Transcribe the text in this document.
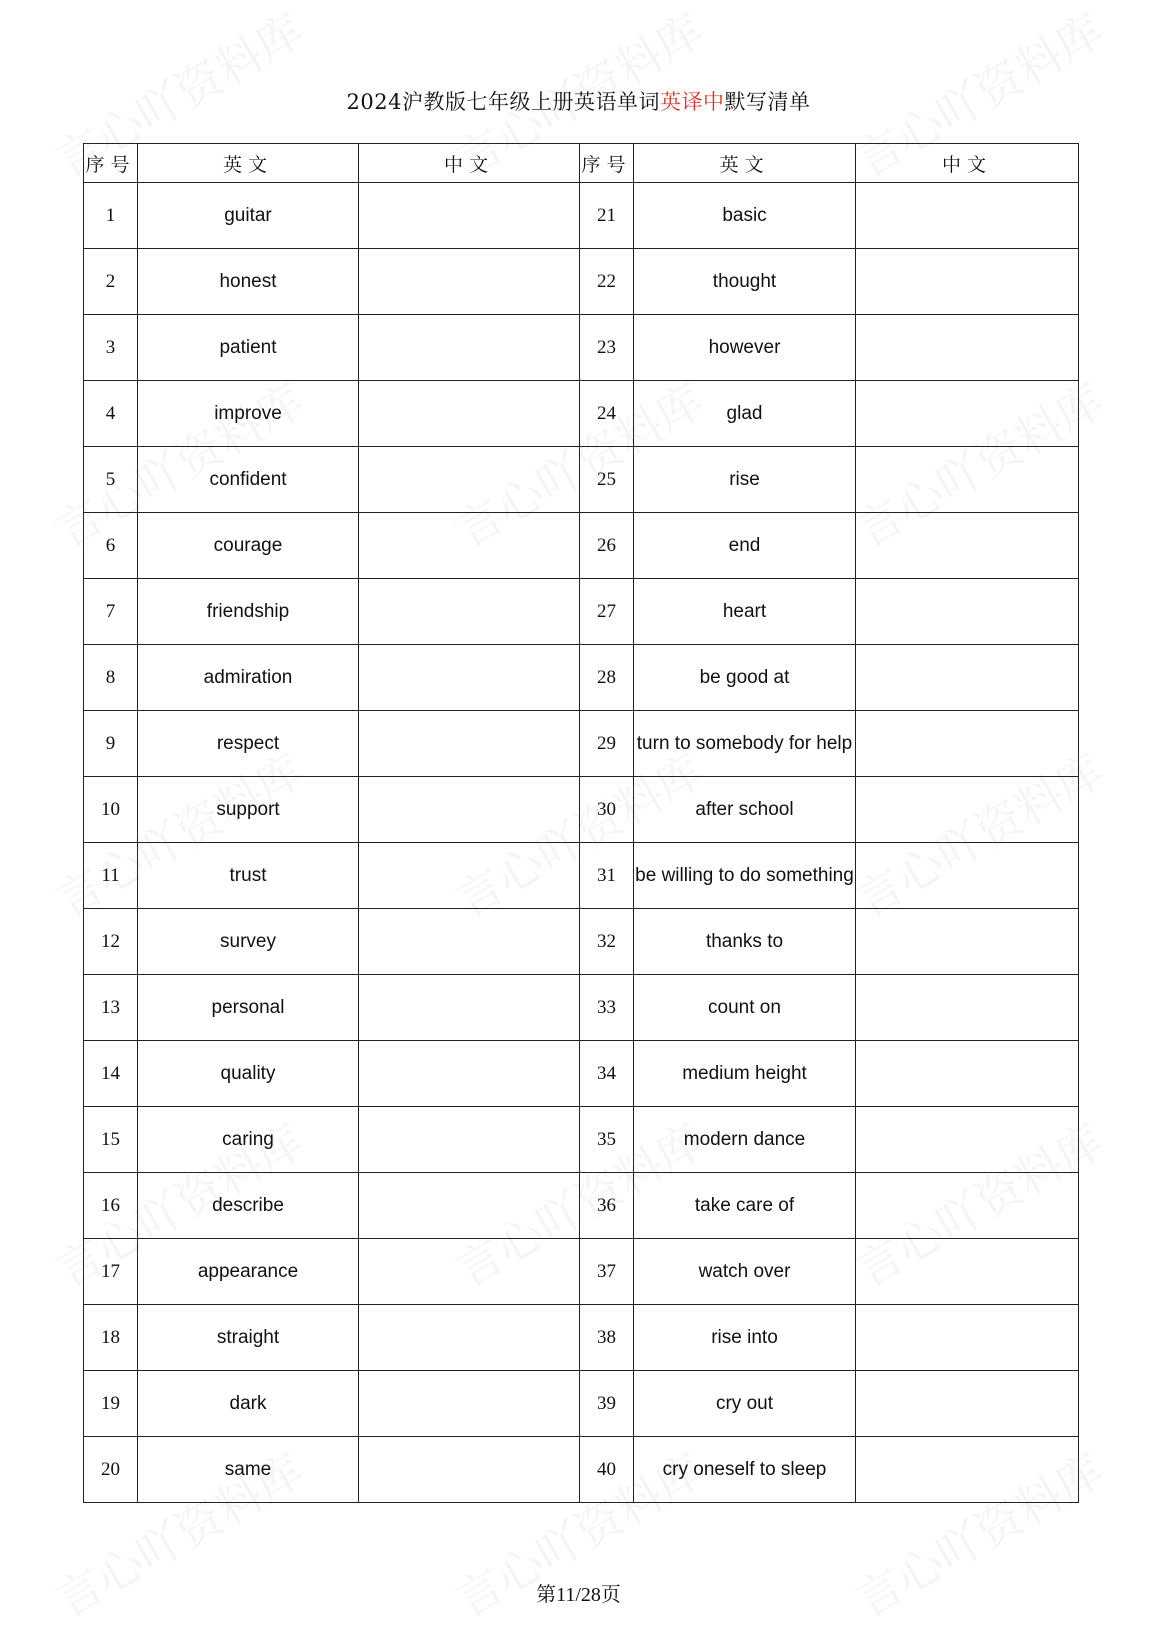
2024沪教版七年级上册英语单词英译中默写清单
序号	英文	中文	序号	英文	中文
1	guitar		21	basic	
2	honest		22	thought	
3	patient		23	however	
4	improve		24	glad	
5	confident		25	rise	
6	courage		26	end	
7	friendship		27	heart	
8	admiration		28	be good at	
9	respect		29	turn to somebody for help	
10	support		30	after school	
11	trust		31	be willing to do something	
12	survey		32	thanks to	
13	personal		33	count on	
14	quality		34	medium height	
15	caring		35	modern dance	
16	describe		36	take care of	
17	appearance		37	watch over	
18	straight		38	rise into	
19	dark		39	cry out	
20	same		40	cry oneself to sleep	
第11/28页
